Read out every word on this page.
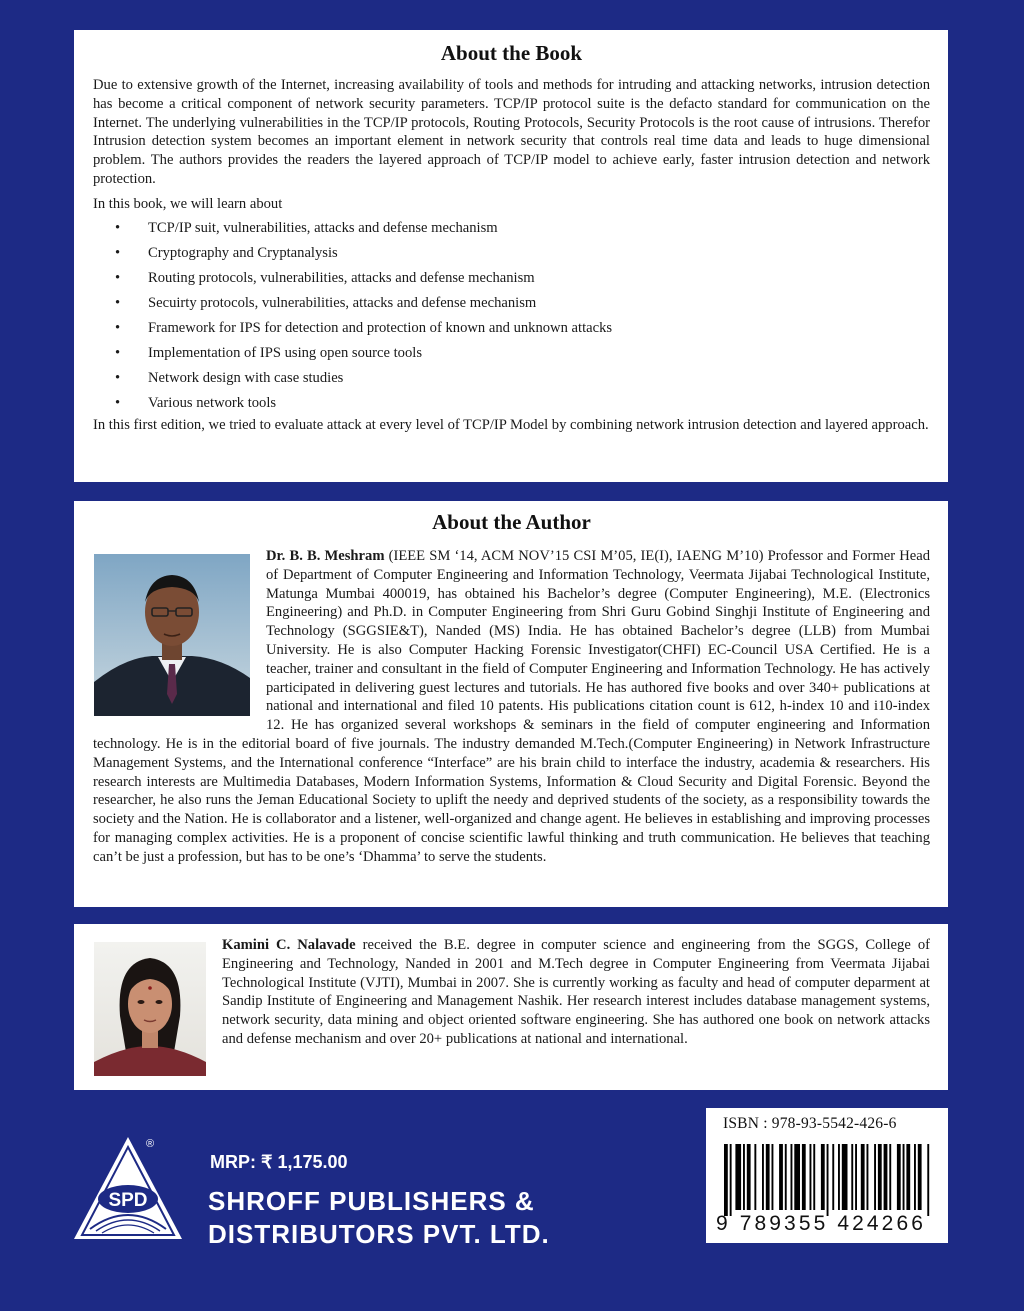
About the Book

Due to extensive growth of the Internet, increasing availability of tools and methods for intruding and attacking networks, intrusion detection has become a critical component of network security parameters. TCP/IP protocol suite is the defacto standard for communication on the Internet. The underlying vulnerabilities in the TCP/IP protocols, Routing Protocols, Security Protocols is the root cause of intrusions. Therefor Intrusion detection system becomes an important element in network security that controls real time data and leads to huge dimensional problem. The authors provides the readers the layered approach of TCP/IP model to achieve early, faster intrusion detection and network protection.

In this book, we will learn about

• TCP/IP suit, vulnerabilities, attacks and defense mechanism
• Cryptography and Cryptanalysis
• Routing protocols, vulnerabilities, attacks and defense mechanism
• Secuirty protocols, vulnerabilities, attacks and defense mechanism
• Framework for IPS for detection and protection of known and unknown attacks
• Implementation of IPS using open source tools
• Network design with case studies
• Various network tools

In this first edition, we tried to evaluate attack at every level of TCP/IP Model by combining network intrusion detection and layered approach.

About the Author

Dr. B. B. Meshram (IEEE SM ‘14, ACM NOV’15 CSI M’05, IE(I), IAENG M’10) Professor and Former Head of Department of Computer Engineering and Information Technology, Veermata Jijabai Technological Institute, Matunga Mumbai 400019, has obtained his Bachelor’s degree (Computer Engineering), M.E. (Electronics Engineering) and Ph.D. in Computer Engineering from Shri Guru Gobind Singhji Institute of Engineering and Technology (SGGSIE&T), Nanded (MS) India. He has obtained Bachelor’s degree (LLB) from Mumbai University. He is also Computer Hacking Forensic Investigator(CHFI) EC-Council USA Certified. He is a teacher, trainer and consultant in the field of Computer Engineering and Information Technology. He has actively participated in delivering guest lectures and tutorials. He has authored five books and over 340+ publications at national and international and filed 10 patents. His publications citation count is 612, h-index 10 and i10-index 12. He has organized several workshops & seminars in the field of computer engineering and Information technology. He is in the editorial board of five journals. The industry demanded M.Tech.(Computer Engineering) in Network Infrastructure Management Systems, and the International conference “Interface” are his brain child to interface the industry, academia & researchers. His research interests are Multimedia Databases, Modern Information Systems, Information & Cloud Security and Digital Forensic. Beyond the researcher, he also runs the Jeman Educational Society to uplift the needy and deprived students of the society, as a responsibility towards the society and the Nation. He is collaborator and a listener, well-organized and change agent. He believes in establishing and improving processes for managing complex activities. He is a proponent of concise scientific lawful thinking and truth communication. He believes that teaching can’t be just a profession, but has to be one’s ‘Dhamma’ to serve the students.

Kamini C. Nalavade received the B.E. degree in computer science and engineering from the SGGS, College of Engineering and Technology, Nanded in 2001 and M.Tech degree in Computer Engineering from Veermata Jijabai Technological Institute (VJTI), Mumbai in 2007. She is currently working as faculty and head of computer deparment at Sandip Institute of Engineering and Management Nashik. Her research interest includes database management systems, network security, data mining and object oriented software engineering. She has authored one book on network attacks and defense mechanism and over 20+ publications at national and international.

SPD
®
MRP: ₹ 1,175.00
SHROFF PUBLISHERS &
DISTRIBUTORS PVT. LTD.
ISBN : 978-93-5542-426-6
9 789355 424266
